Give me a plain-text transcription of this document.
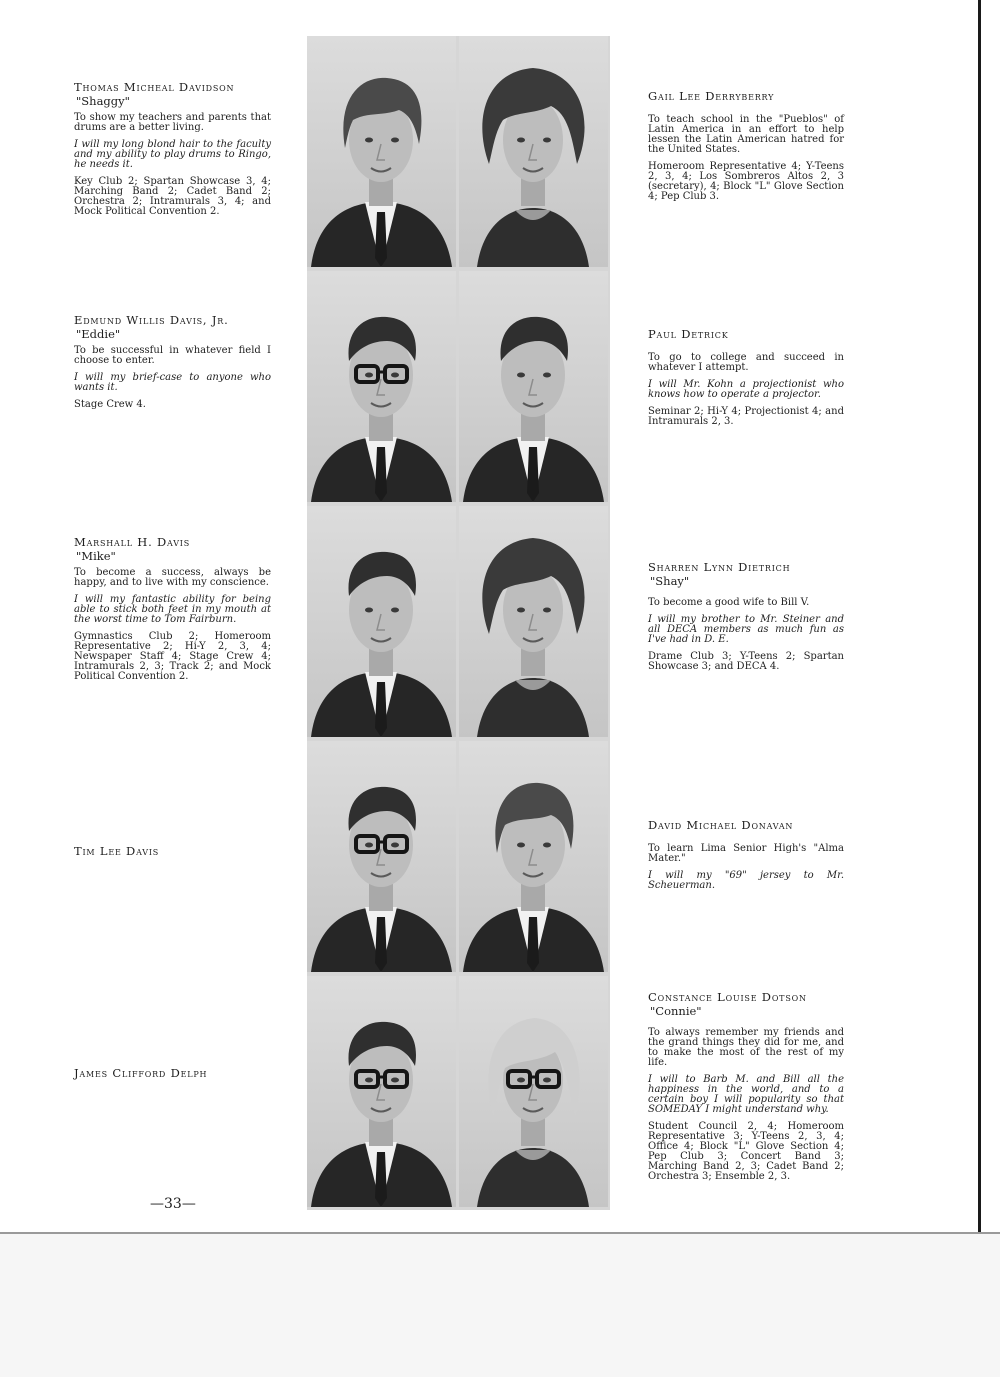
Thomas Micheal Davidson
"Shaggy"

To show my teachers and parents that drums are a better living.

I will my long blond hair to the faculty and my ability to play drums to Ringo, he needs it.

Key Club 2; Spartan Showcase 3, 4; Marching Band 2; Cadet Band 2; Orchestra 2; Intramurals 3, 4; and Mock Political Convention 2.

Gail Lee Derryberry

To teach school in the "Pueblos" of Latin America in an effort to help lessen the Latin American hatred for the United States.

Homeroom Representative 4; Y-Teens 2, 3, 4; Los Sombreros Altos 2, 3 (secretary), 4; Block "L" Glove Section 4; Pep Club 3.

Edmund Willis Davis, Jr.
"Eddie"

To be successful in whatever field I choose to enter.

I will my brief-case to anyone who wants it.

Stage Crew 4.

Paul Detrick

To go to college and succeed in whatever I attempt.

I will Mr. Kohn a projectionist who knows how to operate a projector.

Seminar 2; Hi-Y 4; Projectionist 4; and Intramurals 2, 3.

Marshall H. Davis
"Mike"

To become a success, always be happy, and to live with my conscience.

I will my fantastic ability for being able to stick both feet in my mouth at the worst time to Tom Fairburn.

Gymnastics Club 2; Homeroom Representative 2; Hi-Y 2, 3, 4; Newspaper Staff 4; Stage Crew 4; Intramurals 2, 3; Track 2; and Mock Political Convention 2.

Sharren Lynn Dietrich
"Shay"

To become a good wife to Bill V.

I will my brother to Mr. Steiner and all DECA members as much fun as I've had in D. E.

Drame Club 3; Y-Teens 2; Spartan Showcase 3; and DECA 4.

Tim Lee Davis
David Michael Donavan

To learn Lima Senior High's "Alma Mater."

I will my "69" jersey to Mr. Scheuerman.

James Clifford Delph
Constance Louise Dotson
"Connie"

To always remember my friends and the grand things they did for me, and to make the most of the rest of my life.

I will to Barb M. and Bill all the happiness in the world, and to a certain boy I will popularity so that SOMEDAY I might understand why.

Student Council 2, 4; Homeroom Representative 3; Y-Teens 2, 3, 4; Office 4; Block "L" Glove Section 4; Pep Club 3; Concert Band 3; Marching Band 2, 3; Cadet Band 2; Orchestra 3; Ensemble 2, 3.

—33—
